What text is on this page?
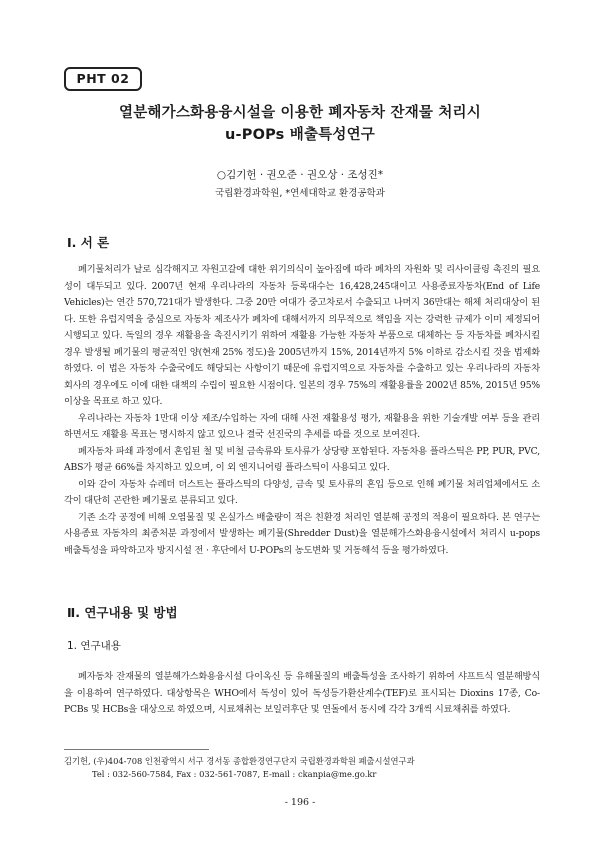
PHT 02
열분해가스화용융시설을 이용한 폐자동차 잔재물 처리시
u-POPs 배출특성연구
○김기헌 · 권오준 · 권오상 · 조성진*
국립환경과학원, *연세대학교 환경공학과
Ⅰ. 서 론

폐기물처리가 날로 심각해지고 자원고갈에 대한 위기의식이 높아짐에 따라 폐차의 자원화 및 리사이클링 촉진의 필요성이 대두되고 있다. 2007년 현재 우리나라의 자동차 등록대수는 16,428,245대이고 사용종료자동차(End of Life Vehicles)는 연간 570,721대가 발생한다. 그중 20만 여대가 중고차로서 수출되고 나머지 36만대는 해체 처리대상이 된다. 또한 유럽지역을 중심으로 자동차 제조사가 폐차에 대해서까지 의무적으로 책임을 지는 강력한 규제가 이미 제정되어 시행되고 있다. 독일의 경우 재활용을 촉진시키기 위하여 재활용 가능한 자동차 부품으로 대체하는 등 자동차를 폐차시킬 경우 발생될 폐기물의 평균적인 양(현재 25% 정도)을 2005년까지 15%, 2014년까지 5% 이하로 감소시킬 것을 법제화하였다. 이 법은 자동차 수출국에도 해당되는 사항이기 때문에 유럽지역으로 자동차를 수출하고 있는 우리나라의 자동차 회사의 경우에도 이에 대한 대책의 수립이 필요한 시점이다. 일본의 경우 75%의 재활용률을 2002년 85%, 2015년 95% 이상을 목표로 하고 있다.

우리나라는 자동차 1만대 이상 제조/수입하는 자에 대해 사전 재활용성 평가, 재활용을 위한 기술개발 여부 등을 관리하면서도 재활용 목표는 명시하지 않고 있으나 결국 선진국의 추세를 따를 것으로 보여진다.

폐자동차 파쇄 과정에서 혼입된 철 및 비철 금속류와 토사류가 상당량 포함된다. 자동차용 플라스틱은 PP, PUR, PVC, ABS가 평균 66%를 차지하고 있으며, 이 외 엔지니어링 플라스틱이 사용되고 있다.

이와 같이 자동차 슈레더 더스트는 플라스틱의 다양성, 금속 및 토사류의 혼입 등으로 인해 폐기물 처리업체에서도 소각이 대단히 곤란한 폐기물로 분류되고 있다.

기존 소각 공정에 비해 오염물질 및 온실가스 배출량이 적은 친환경 처리인 열분해 공정의 적용이 필요하다. 본 연구는 사용종료 자동차의 최종처분 과정에서 발생하는 폐기물(Shredder Dust)을 열분해가스화용융시설에서 처리시 u-pops 배출특성을 파악하고자 방지시설 전 · 후단에서 U-POPs의 농도변화 및 거동해석 등을 평가하였다.

Ⅱ. 연구내용 및 방법
1. 연구내용

폐자동차 잔재물의 열분해가스화용융시설 다이옥신 등 유해물질의 배출특성을 조사하기 위하여 샤프트식 열분해방식을 이용하여 연구하였다. 대상항목은 WHO에서 독성이 있어 독성등가환산계수(TEF)로 표시되는 Dioxins 17종, Co-PCBs 및 HCBs을 대상으로 하였으며, 시료채취는 보일러후단 및 연돌에서 동시에 각각 3개씩 시료채취를 하였다.

김기헌, (우)404-708 인천광역시 서구 경서동 종합환경연구단지 국립환경과학원 폐출시설연구과
Tel : 032-560-7584, Fax : 032-561-7087, E-mail : ckanpia@me.go.kr
- 196 -
